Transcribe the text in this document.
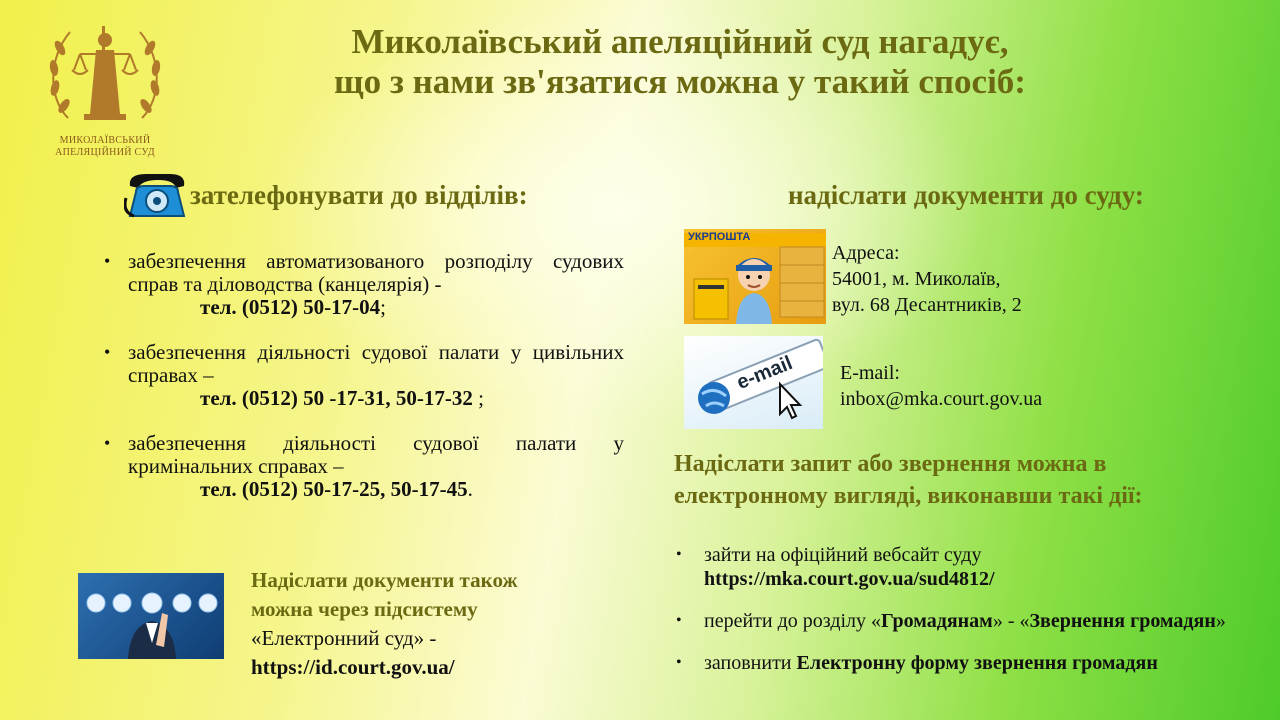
МИКОЛАЇВСЬКИЙ
АПЕЛЯЦІЙНИЙ СУД
Миколаївський апеляційний суд нагадує,
що з нами зв'язатися можна у такий спосіб:
зателефонувати до відділів:
• забезпечення автоматизованого розподілу судових справ та діловодства (канцелярія) -
тел. (0512) 50-17-04;
• забезпечення діяльності судової палати у цивільних справах –
тел. (0512) 50 -17-31, 50-17-32 ;
• забезпечення діяльності судової палати у кримінальних справах –
тел. (0512) 50-17-25, 50-17-45.
надіслати документи до суду:
УКРПОШТА
Адреса:
54001, м. Миколаїв,
вул. 68 Десантників, 2
e-mail E-mail:
inbox@mka.court.gov.ua
Надіслати запит або звернення можна в
електронному вигляді, виконавши такі дії:
• зайти на офіційний вебсайт суду
https://mka.court.gov.ua/sud4812/
• перейти до розділу «Громадянам» - «Звернення громадян»
• заповнити Електронну форму звернення громадян
Надіслати документи також
можна через підсистему
«Електронний суд» -
https://id.court.gov.ua/
